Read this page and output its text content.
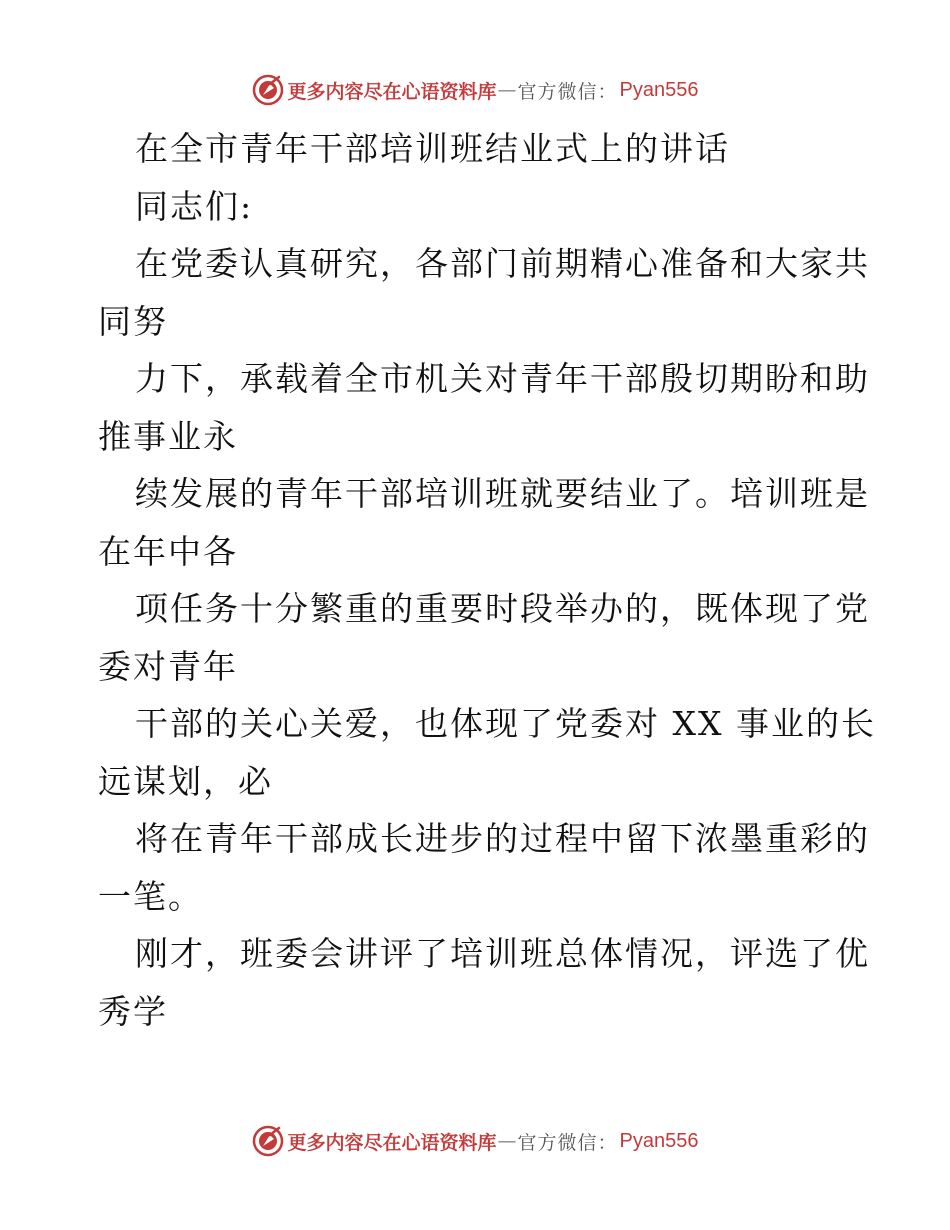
更多内容尽在心语资料库 — 官方微信： Pyan556
在全市青年干部培训班结业式上的讲话
同志们:
在党委认真研究，各部门前期精心准备和大家共
同努
力下，承载着全市机关对青年干部殷切期盼和助
推事业永
续发展的青年干部培训班就要结业了。培训班是
在年中各
项任务十分繁重的重要时段举办的，既体现了党
委对青年
干部的关心关爱，也体现了党委对 XX 事业的长
远谋划，必
将在青年干部成长进步的过程中留下浓墨重彩的
一笔。
刚才，班委会讲评了培训班总体情况，评选了优
秀学
更多内容尽在心语资料库 — 官方微信： Pyan556
